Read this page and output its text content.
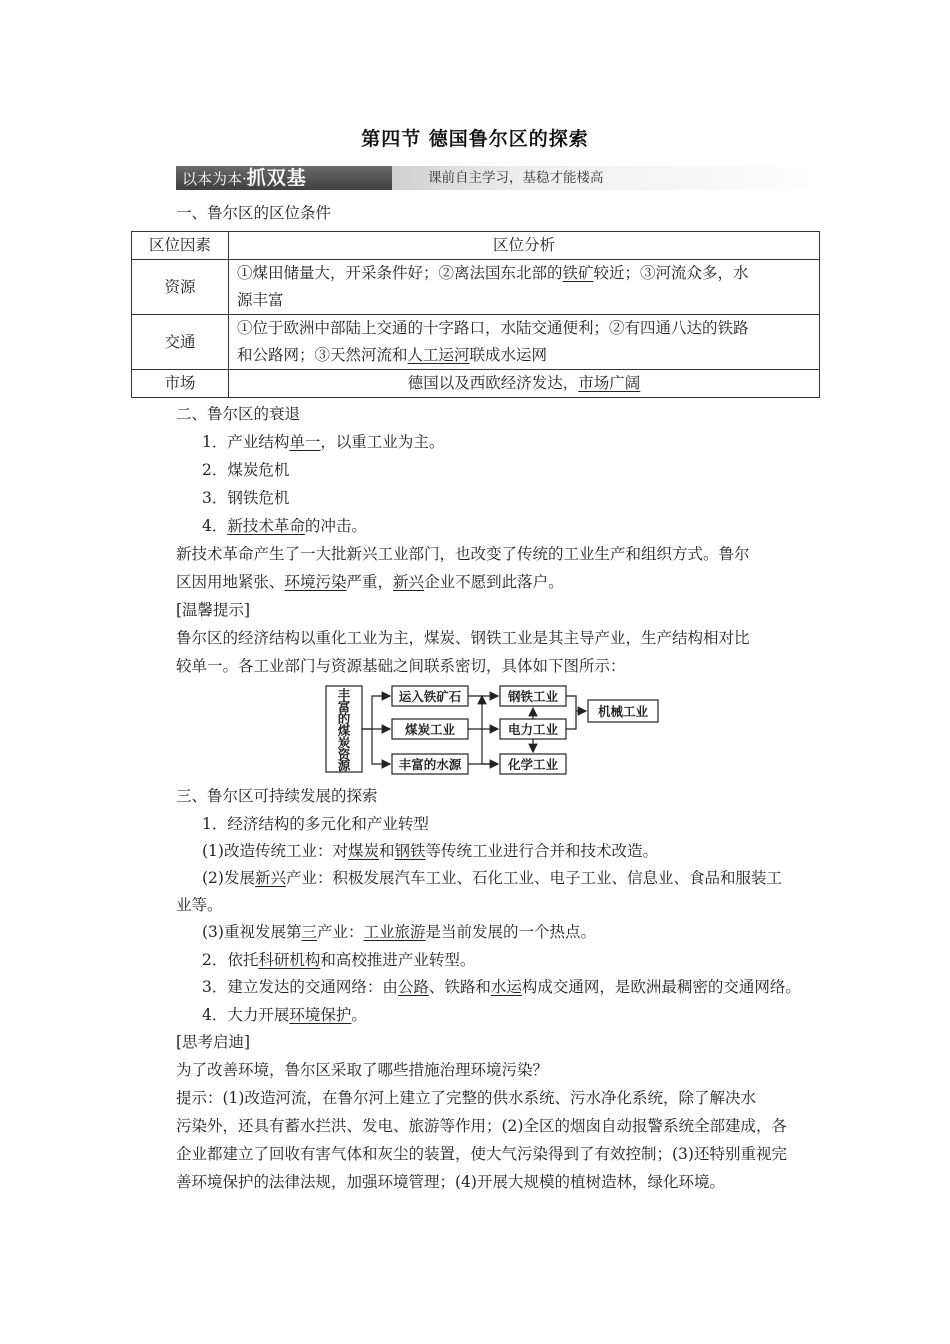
第四节 德国鲁尔区的探索
以本为本·抓双基	课前自主学习，基稳才能楼高
一、鲁尔区的区位条件
区位因素	区位分析
资源	①煤田储量大，开采条件好；②离法国东北部的铁矿较近；③河流众多，水
源丰富
交通	①位于欧洲中部陆上交通的十字路口，水陆交通便利；②有四通八达的铁路
和公路网；③天然河流和人工运河联成水运网
市场	德国以及西欧经济发达，市场广阔
二、鲁尔区的衰退
1．产业结构单一，以重工业为主。
2．煤炭危机
3．钢铁危机
4．新技术革命的冲击。
新技术革命产生了一大批新兴工业部门，也改变了传统的工业生产和组织方式。鲁尔
区因用地紧张、环境污染严重，新兴企业不愿到此落户。
[温馨提示]
鲁尔区的经济结构以重化工业为主，煤炭、钢铁工业是其主导产业，生产结构相对比
较单一。各工业部门与资源基础之间联系密切，具体如下图所示：
丰
富
的
煤
炭
资
源
运入铁矿石
煤炭工业
丰富的水源
钢铁工业
电力工业
化学工业
机械工业
三、鲁尔区可持续发展的探索
1．经济结构的多元化和产业转型
(1)改造传统工业：对煤炭和钢铁等传统工业进行合并和技术改造。
(2)发展新兴产业：积极发展汽车工业、石化工业、电子工业、信息业、食品和服装工
业等。
(3)重视发展第三产业：工业旅游是当前发展的一个热点。
2．依托科研机构和高校推进产业转型。
3．建立发达的交通网络：由公路、铁路和水运构成交通网，是欧洲最稠密的交通网络。
4．大力开展环境保护。
[思考启迪]
为了改善环境，鲁尔区采取了哪些措施治理环境污染？
提示：(1)改造河流，在鲁尔河上建立了完整的供水系统、污水净化系统，除了解决水
污染外，还具有蓄水拦洪、发电、旅游等作用；(2)全区的烟囱自动报警系统全部建成，各
企业都建立了回收有害气体和灰尘的装置，使大气污染得到了有效控制；(3)还特别重视完
善环境保护的法律法规，加强环境管理；(4)开展大规模的植树造林，绿化环境。
